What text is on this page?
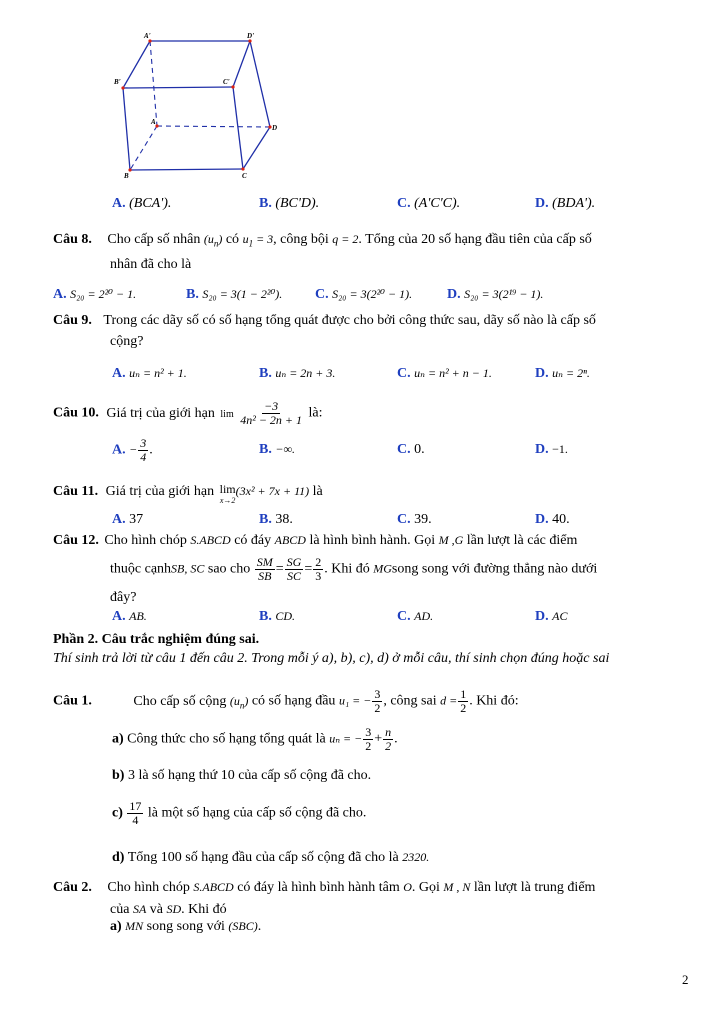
A'	D'
B'	C'
A
D
B	C
A. (BCA').	B. (BC'D).	C. (A'C'C).	D. (BDA').
Câu 8. Cho cấp số nhân $(u_n)$ có $u_1 = 3$, công bội q = 2. Tổng của 20 số hạng đầu tiên của cấp số
nhân đã cho là
A. S₂₀ = 2²⁰ − 1.	B. S₂₀ = 3(1 − 2²⁰). C. S₂₀ = 3(2²⁰ − 1). D. S₂₀ = 3(2¹⁹ − 1).
Câu 9. Trong các dãy số có số hạng tổng quát được cho bởi công thức sau, dãy số nào là cấp số
cộng?
A. uₙ = n² + 1.	B. uₙ = 2n + 3.	C. uₙ = n² + n − 1.	D. uₙ = 2ⁿ.
Câu 10. Giá trị của giới hạn $\lim \frac{-3}{\text{4n² − 2n + 1}}$ là:
A. − $\frac{3}{4}$ .	B. −∞.	C. 0.	D. −1.
Câu 11. Giá trị của giới hạn lim
x→2
(3x² + 7x + 11) là
A. 37	B. 38.	C. 39.	D. 40.
Câu 12. Cho hình chóp S.ABCD có đáy ABCD là hình bình hành. Gọi M ,G lần lượt là các điểm
thuộc cạnhSB, SC sao cho $\frac{SM}{SB} = \frac{SG}{SC} = \frac{2}{3}$ . Khi đó MGsong song với đường thẳng nào dưới
đây?
A. AB.	B. CD.	C. AD.	D. AC
Phần 2. Câu trắc nghiệm đúng sai.
Thí sinh trả lời từ câu 1 đến câu 2. Trong mỗi ý a), b), c), d) ở mỗi câu, thí sinh chọn đúng hoặc sai
Câu 1.	Cho cấp số cộng $(u_n)$ có số hạng đầu u₁ = − $\frac{3}{2}$ , công sai $d = \frac{1}{2}$ . Khi đó:
a) Công thức cho số hạng tổng quát là uₙ = − $\frac{3}{2} + \frac{n}{2}$ .
b) 3 là số hạng thứ 10 của cấp số cộng đã cho.
$c) \frac{17}{4}$ là một số hạng của cấp số cộng đã cho.
d) Tổng 100 số hạng đầu của cấp số cộng đã cho là 2320.
Câu 2. Cho hình chóp S.ABCD có đáy là hình bình hành tâm O. Gọi M , N lần lượt là trung điểm
của SA và SD. Khi đó
a) MN song song với (SBC).
2
